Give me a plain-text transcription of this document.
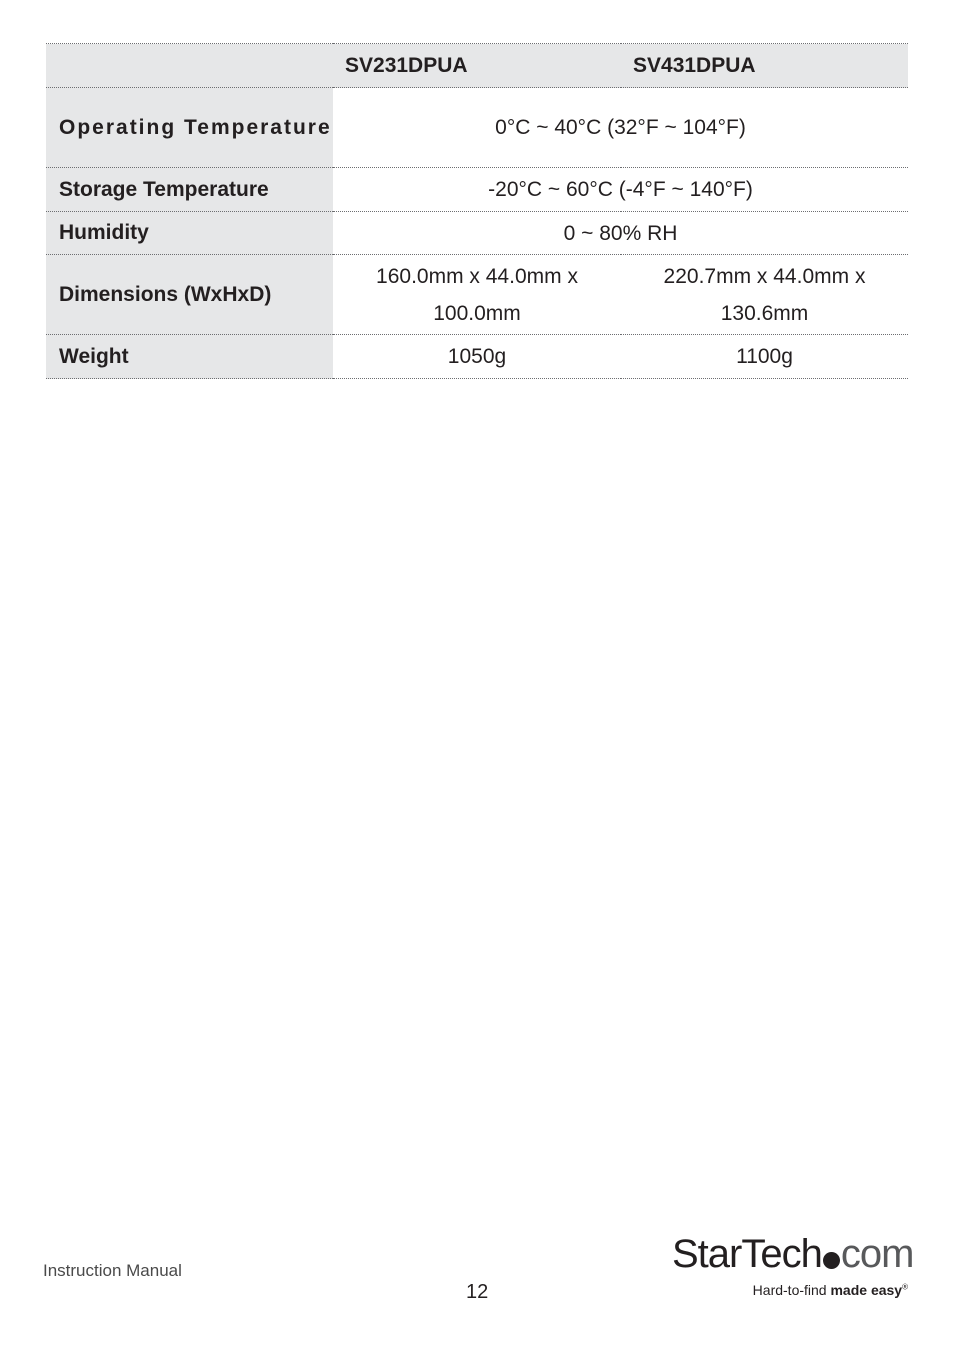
	SV231DPUA	SV431DPUA
Operating Temperature	0°C ~ 40°C (32°F ~ 104°F)	
Storage Temperature	-20°C ~ 60°C (-4°F ~ 140°F)	
Humidity	0 ~ 80% RH	
Dimensions (WxHxD)	160.0mm x 44.0mm x 100.0mm	220.7mm x 44.0mm x 130.6mm

Weight	1050g	1100g
Instruction Manual
12
StarTech com
Hard-to-find made easy®
